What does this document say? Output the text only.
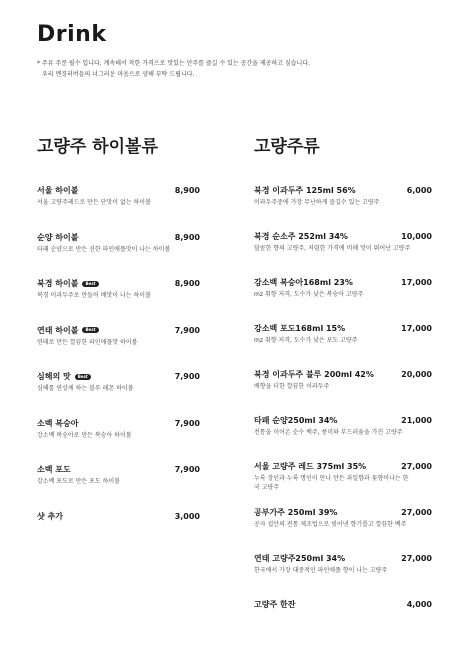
Drink
* 주류 주문 필수 입니다. 계속해서 착한 가격으로 맛있는 안주를 즐길 수 있는 공간을 제공하고 싶습니다.
우리 멘징러버들의 너그러운 마음으로 양해 부탁 드립니다.
고량주 하이볼류
서울 하이볼	8,900
서울 고량주레드로 만든 단맛이 없는 하이볼
순양 하이볼	8,900
타패 순양으로 만든 진한 파인애플맛이 나는 하이볼
북경 하이볼	Best	8,900
북경 이과두주로 만들어 배맛이 나는 하이볼
연태 하이볼	Best	7,900
연태로 만든 깔끔한 파인애플맛 하이볼
심해의 맛	Best	7,900
심해를 연상케 하는 블루 레몬 하이볼
소백 복숭아	7,900
강소백 복숭아로 만든 복숭아 하이볼
소백 포도	7,900
강소백 포도로 만든 포도 하이볼
샷 추가	3,000
고량주류
북경 이과두주 125ml 56%	6,000
이과두주중에 가장 무난하게 즐길수 있는 고량주
북경 순소주 252ml 34%	10,000
달콤한 향의 고량주, 저렴한 가격에 비해 맛이 뛰어난 고량주
강소백 복숭아168ml 23%	17,000
mz 취향 저격, 도수가 낮은 복숭아 고량주
강소백 포도168ml 15%	17,000
mz 취향 저격, 도수가 낮은 포도 고량주
북경 이과두주 블루 200ml 42%	20,000
배향을 더한 깔끔한 이과두주
타패 순양250ml 34%	21,000
전통을 이어온 순수 백주, 풍미와 부드러움을 가진 고량주
서울 고량주 레드 375ml 35%	27,000
누룩 장인과 누룩 명인이 만나 만든 과일향과 꽃향이나는 한국 고량주
공부가주 250ml 39%	27,000
공자 집안의 전통 제조법으로 빚어낸 향기롭고 깔끔한 백주
연태 고량주250ml 34%	27,000
한국에서 가장 대중적인 파인애플 향이 나는 고량주
고량주 한잔	4,000
